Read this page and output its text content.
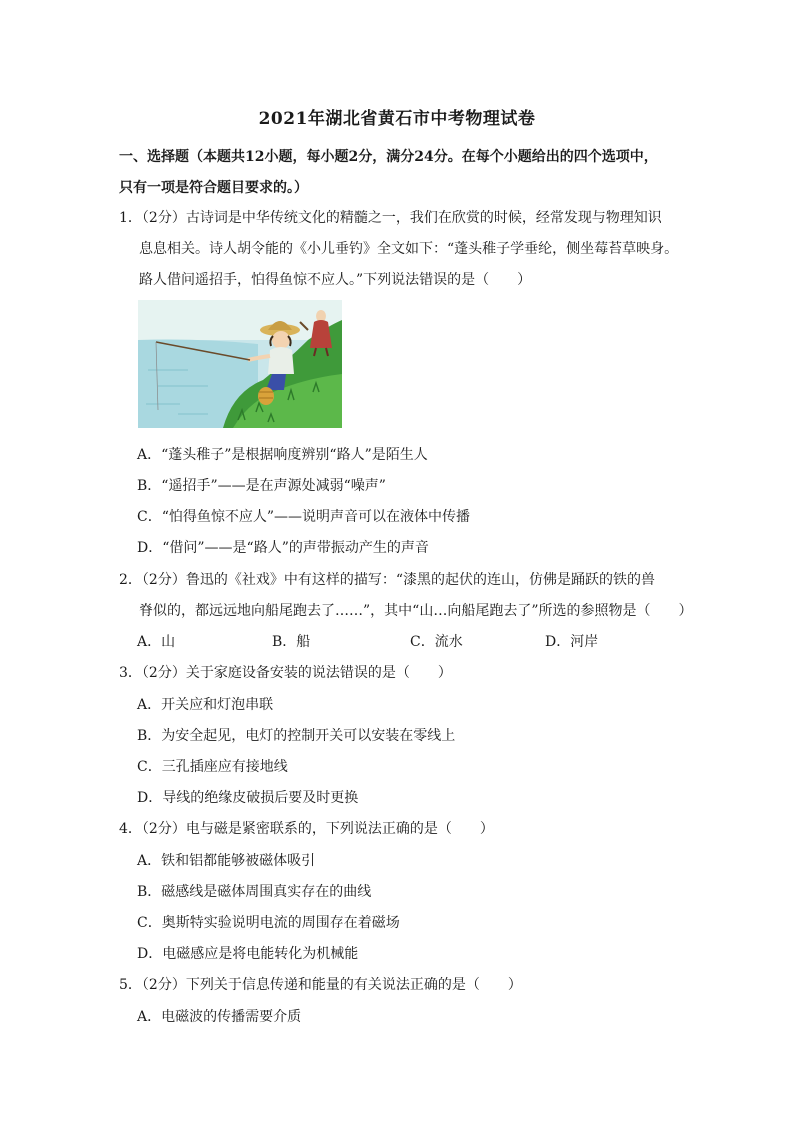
2021年湖北省黄石市中考物理试卷
一、选择题（本题共12小题，每小题2分，满分24分。在每个小题给出的四个选项中，
只有一项是符合题目要求的。）
1．（2分）古诗词是中华传统文化的精髓之一，我们在欣赏的时候，经常发现与物理知识
息息相关。诗人胡令能的《小儿垂钓》全文如下：“蓬头稚子学垂纶，侧坐莓苔草映身。
路人借问遥招手，怕得鱼惊不应人。”下列说法错误的是（　　）
A．“蓬头稚子”是根据响度辨别“路人”是陌生人
B．“遥招手”——是在声源处减弱“噪声”
C．“怕得鱼惊不应人”——说明声音可以在液体中传播
D．“借问”——是“路人”的声带振动产生的声音
2．（2分）鲁迅的《社戏》中有这样的描写：“漆黑的起伏的连山，仿佛是踊跃的铁的兽
脊似的，都远远地向船尾跑去了……”，其中“山…向船尾跑去了”所选的参照物是（　　）
A．山	B．船	C．流水	D．河岸
3．（2分）关于家庭设备安装的说法错误的是（　　）
A．开关应和灯泡串联
B．为安全起见，电灯的控制开关可以安装在零线上
C．三孔插座应有接地线
D．导线的绝缘皮破损后要及时更换
4．（2分）电与磁是紧密联系的，下列说法正确的是（　　）
A．铁和铝都能够被磁体吸引
B．磁感线是磁体周围真实存在的曲线
C．奥斯特实验说明电流的周围存在着磁场
D．电磁感应是将电能转化为机械能
5．（2分）下列关于信息传递和能量的有关说法正确的是（　　）
A．电磁波的传播需要介质
